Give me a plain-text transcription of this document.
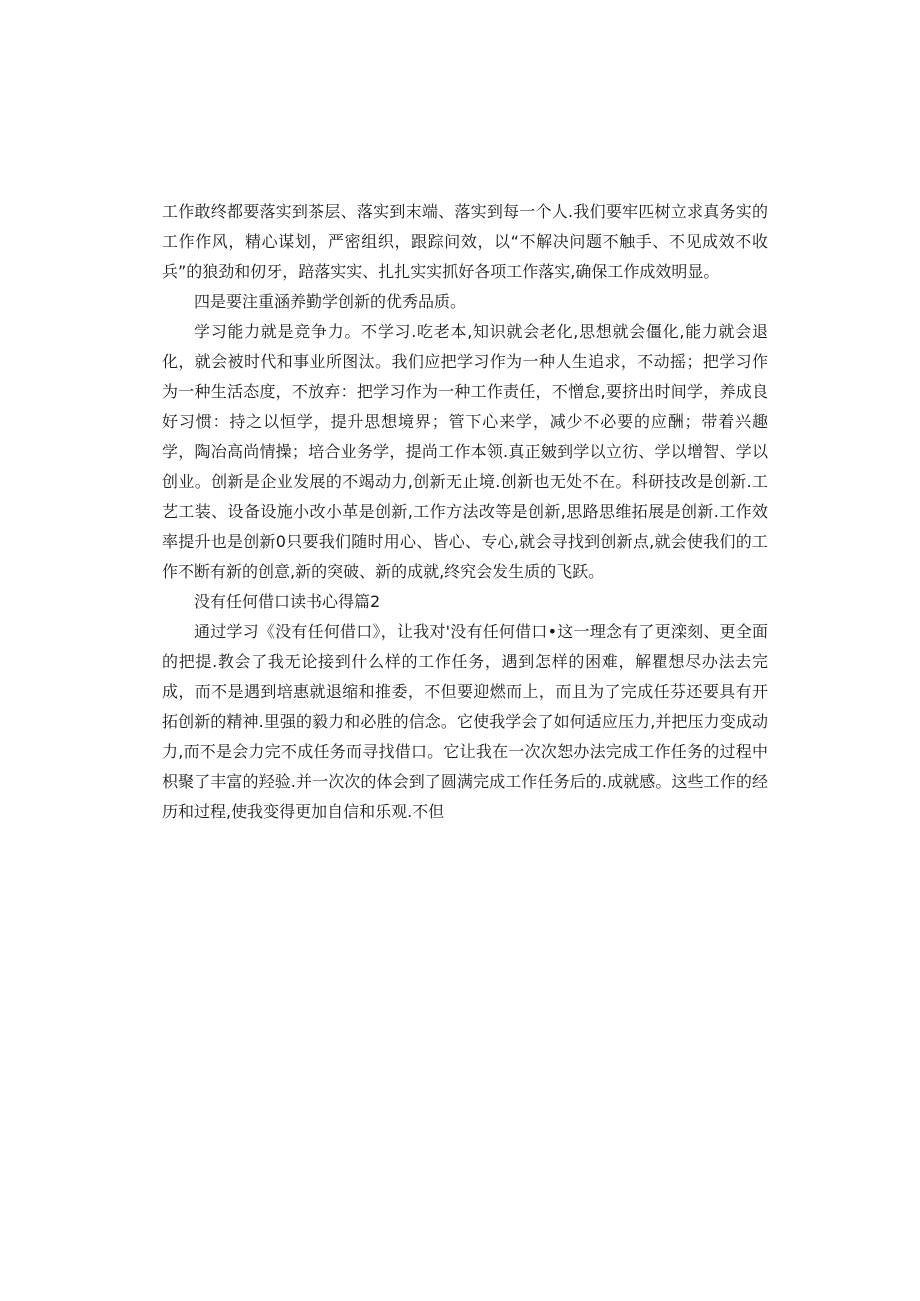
工作敢终都要落实到茶层、落实到末端、落实到每一个人.我们要牢匹树立求真务实的工作作风，精心谋划，严密组织，跟踪问效，以“不解决问题不触手、不见成效不收兵”的狼劲和仞牙，踣落实实、扎扎实实抓好各项工作落实,确保工作成效明显。

四是要注重涵养勤学创新的优秀品质。

学习能力就是竞争力。不学习.吃老本,知识就会老化,思想就会僵化,能力就会退化，就会被时代和事业所图汰。我们应把学习作为一种人生追求，不动摇；把学习作为一种生活态度，不放弃：把学习作为一种工作责任，不憎怠,要挤出时间学，养成良好习惯：持之以恒学，提升思想境界；管下心来学，减少不必要的应酬；带着兴趣学，陶冶高尚情操；培合业务学，提尚工作本领.真正皴到学以立彷、学以增智、学以创业。创新是企业发展的不竭动力,创新无止境.创新也无处不在。科研技改是创新.工艺工装、设备设施小改小革是创新,工作方法改等是创新,思路思维拓展是创新.工作效率提升也是创新0只要我们随时用心、皆心、专心,就会寻找到创新点,就会使我们的工作不断有新的创意,新的突破、新的成就,终究会发生质的飞跃。

没有任何借口读书心得篇2

通过学习《没有任何借口》，让我对'没有任何借口•这一理念有了更滦刻、更全面的把提.教会了我无论接到什么样的工作任务，遇到怎样的困难，解瞿想尽办法去完成，而不是遇到培惠就退缩和推委，不但要迎燃而上，而且为了完成任芬还要具有开拓创新的精神.里强的毅力和必胜的信念。它使我学会了如何适应压力,并把压力变成动力,而不是会力完不成任务而寻找借口。它让我在一次次恕办法完成工作任务的过程中枳聚了丰富的羟验.并一次次的体会到了圆满完成工作任务后的.成就感。这些工作的经历和过程,使我变得更加自信和乐观.不但
